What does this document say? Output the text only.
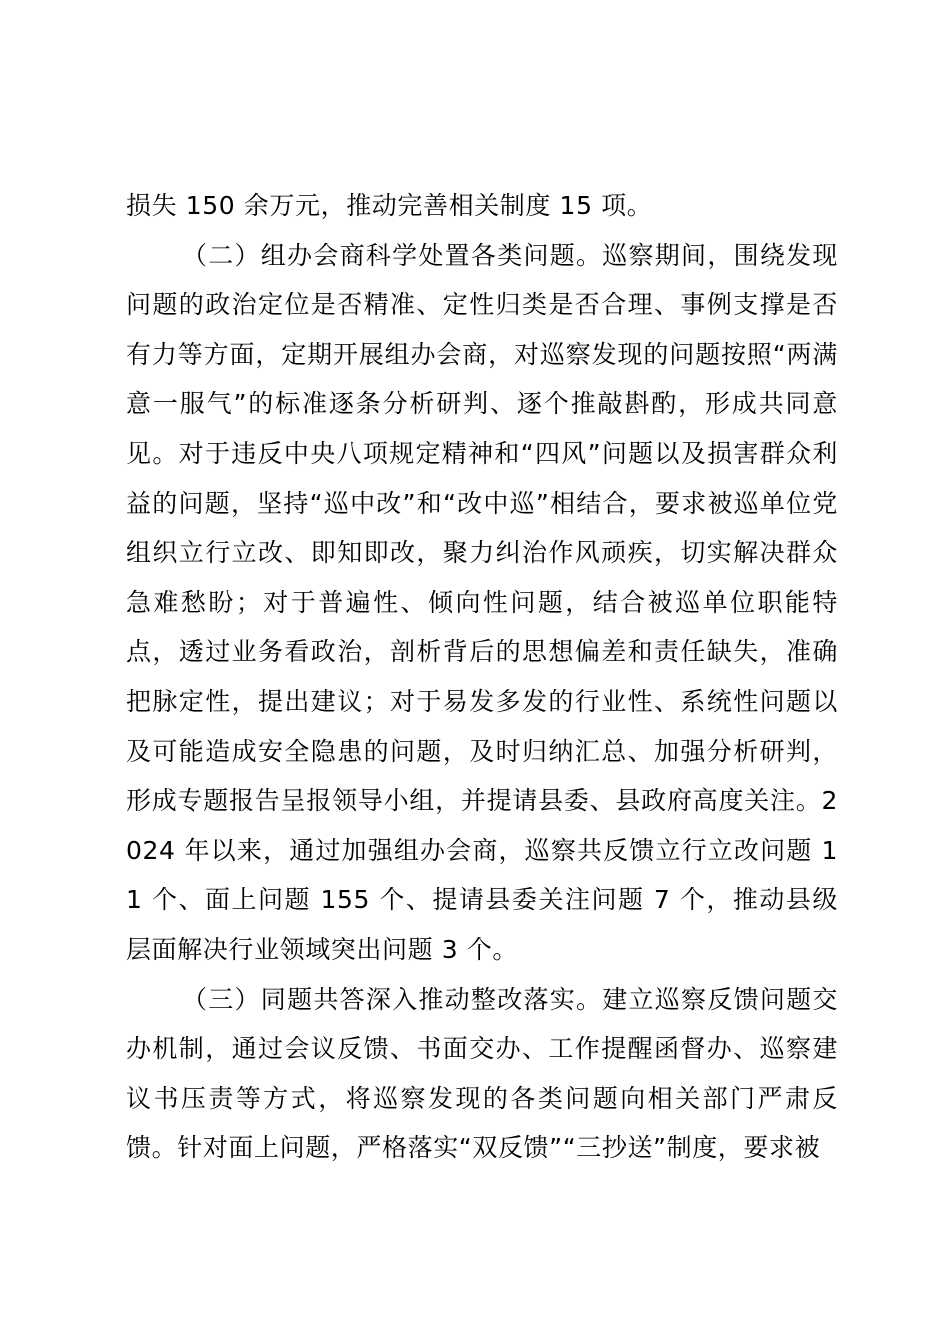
损失 150 余万元，推动完善相关制度 15 项。

（二）组办会商科学处置各类问题。巡察期间，围绕发现问题的政治定位是否精准、定性归类是否合理、事例支撑是否有力等方面，定期开展组办会商，对巡察发现的问题按照“两满意一服气”的标准逐条分析研判、逐个推敲斟酌，形成共同意见。对于违反中央八项规定精神和“四风”问题以及损害群众利益的问题，坚持“巡中改”和“改中巡”相结合，要求被巡单位党组织立行立改、即知即改，聚力纠治作风顽疾，切实解决群众急难愁盼；对于普遍性、倾向性问题，结合被巡单位职能特点，透过业务看政治，剖析背后的思想偏差和责任缺失，准确把脉定性，提出建议；对于易发多发的行业性、系统性问题以及可能造成安全隐患的问题，及时归纳汇总、加强分析研判，形成专题报告呈报领导小组，并提请县委、县政府高度关注。2024 年以来，通过加强组办会商，巡察共反馈立行立改问题 11 个、面上问题 155 个、提请县委关注问题 7 个，推动县级层面解决行业领域突出问题 3 个。

（三）同题共答深入推动整改落实。建立巡察反馈问题交办机制，通过会议反馈、书面交办、工作提醒函督办、巡察建议书压责等方式，将巡察发现的各类问题向相关部门严肃反馈。针对面上问题，严格落实“双反馈”“三抄送”制度，要求被
